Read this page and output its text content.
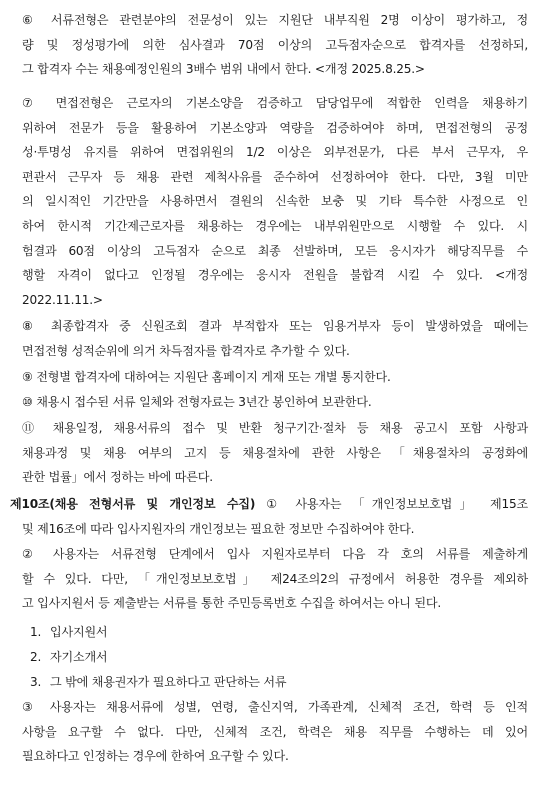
⑥ 서류전형은 관련분야의 전문성이 있는 지원단 내부직원 2명 이상이 평가하고, 정
량 및 정성평가에 의한 심사결과 70점 이상의 고득점자순으로 합격자를 선정하되,
그 합격자 수는 채용예정인원의 3배수 범위 내에서 한다. <개정 2025.8.25.>
⑦ 면접전형은 근로자의 기본소양을 검증하고 담당업무에 적합한 인력을 채용하기
위하여 전문가 등을 활용하여 기본소양과 역량을 검증하여야 하며, 면접전형의 공정
성·투명성 유지를 위하여 면접위원의 1/2 이상은 외부전문가, 다른 부서 근무자, 우
편관서 근무자 등 채용 관련 제척사유를 준수하여 선정하여야 한다. 다만, 3월 미만
의 일시적인 기간만을 사용하면서 결원의 신속한 보충 및 기타 특수한 사정으로 인
하여 한시적 기간제근로자를 채용하는 경우에는 내부위원만으로 시행할 수 있다. 시
험결과 60점 이상의 고득점자 순으로 최종 선발하며, 모든 응시자가 해당직무를 수
행할 자격이 없다고 인정될 경우에는 응시자 전원을 불합격 시킬 수 있다. <개정
2022.11.11.>
⑧ 최종합격자 중 신원조회 결과 부적합자 또는 임용거부자 등이 발생하였을 때에는
면접전형 성적순위에 의거 차득점자를 합격자로 추가할 수 있다.
⑨ 전형별 합격자에 대하여는 지원단 홈페이지 게재 또는 개별 통지한다.
⑩ 채용시 접수된 서류 일체와 전형자료는 3년간 봉인하여 보관한다.
⑪ 채용일정, 채용서류의 접수 및 반환 청구기간·절차 등 채용 공고시 포함 사항과
채용과정 및 채용 여부의 고지 등 채용절차에 관한 사항은 「채용절차의 공정화에
관한 법률」에서 정하는 바에 따른다.
제10조(채용 전형서류 및 개인정보 수집) ① 사용자는 「개인정보보호법」 제15조
및 제16조에 따라 입사지원자의 개인정보는 필요한 정보만 수집하여야 한다.
② 사용자는 서류전형 단계에서 입사 지원자로부터 다음 각 호의 서류를 제출하게
할 수 있다. 다만, 「개인정보보호법」 제24조의2의 규정에서 허용한 경우를 제외하
고 입사지원서 등 제출받는 서류를 통한 주민등록번호 수집을 하여서는 아니 된다.
1. 입사지원서
2. 자기소개서
3. 그 밖에 채용권자가 필요하다고 판단하는 서류
③ 사용자는 채용서류에 성별, 연령, 출신지역, 가족관계, 신체적 조건, 학력 등 인적
사항을 요구할 수 없다. 다만, 신체적 조건, 학력은 채용 직무를 수행하는 데 있어
필요하다고 인정하는 경우에 한하여 요구할 수 있다.
